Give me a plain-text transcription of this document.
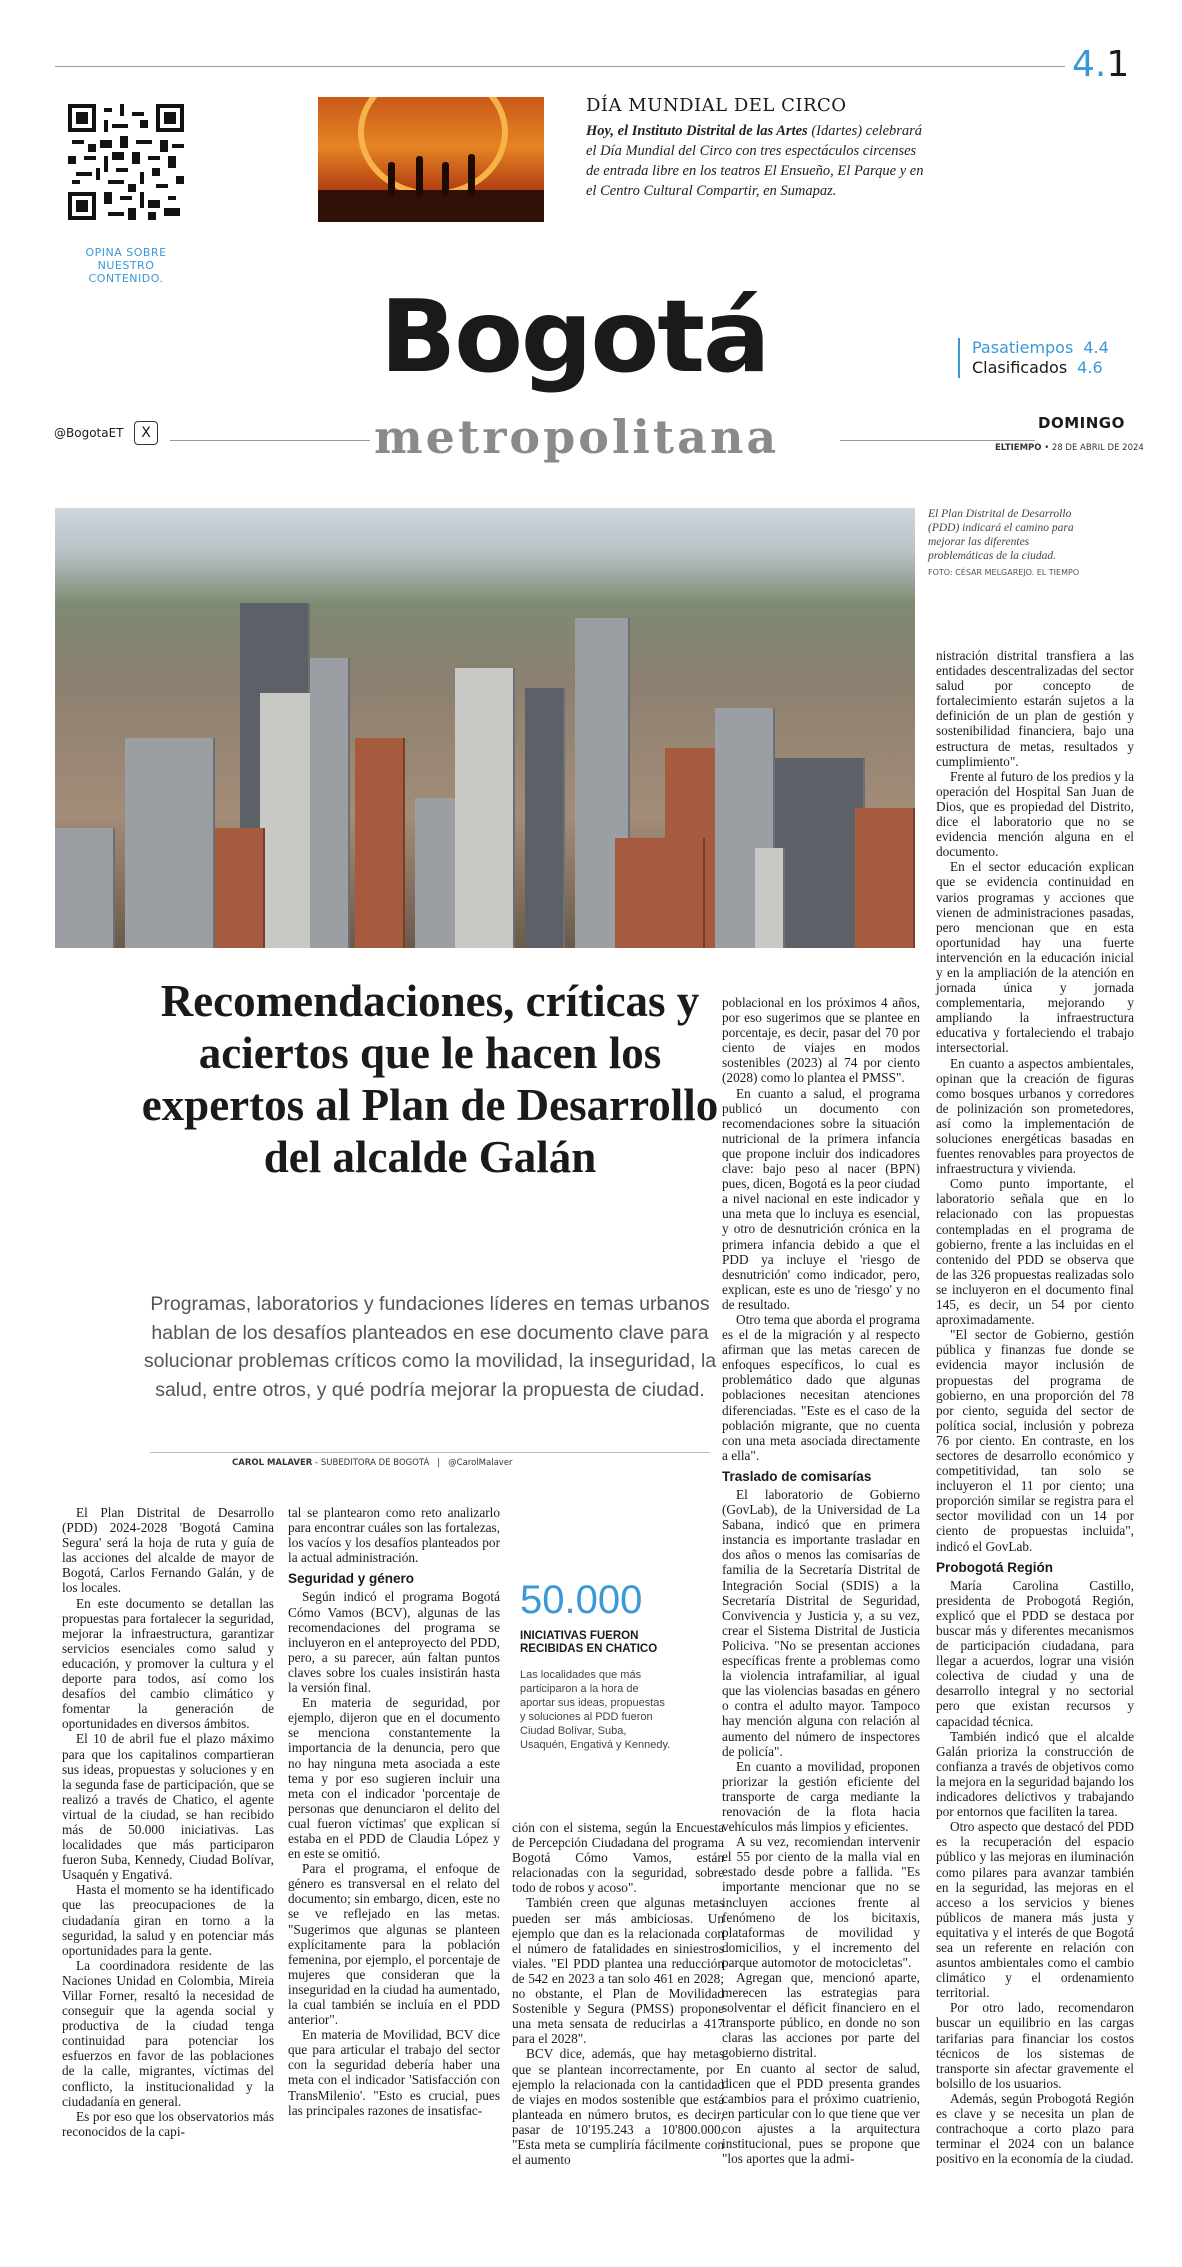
4.1
OPINA SOBRE NUESTRO CONTENIDO.
DÍA MUNDIAL DEL CIRCO
Hoy, el Instituto Distrital de las Artes (Idartes) celebrará el Día Mundial del Circo con tres espectáculos circenses de entrada libre en los teatros El Ensueño, El Parque y en el Centro Cultural Compartir, en Sumapaz.
Bogotá
metropolitana
@BogotaET	X
Pasatiempos 4.4
Clasificados 4.6
DOMINGO
ELTIEMPO • 28 DE ABRIL DE 2024
El Plan Distrital de Desarrollo (PDD) indicará el camino para mejorar las diferentes problemáticas de la ciudad.
FOTO: CÉSAR MELGAREJO. EL TIEMPO
Recomendaciones, críticas y aciertos que le hacen los expertos al Plan de Desarrollo del alcalde Galán
Programas, laboratorios y fundaciones líderes en temas urbanos hablan de los desafíos planteados en ese documento clave para solucionar problemas críticos como la movilidad, la inseguridad, la salud, entre otros, y qué podría mejorar la propuesta de ciudad.
CAROL MALAVER - SUBEDITORA DE BOGOTÁ | @CarolMalaver

El Plan Distrital de Desarrollo (PDD) 2024-2028 'Bogotá Camina Segura' será la hoja de ruta y guía de las acciones del alcalde de mayor de Bogotá, Carlos Fernando Galán, y de los locales.

En este documento se detallan las propuestas para fortalecer la seguridad, mejorar la infraestructura, garantizar servicios esenciales como salud y educación, y promover la cultura y el deporte para todos, así como los desafíos del cambio climático y fomentar la generación de oportunidades en diversos ámbitos.

El 10 de abril fue el plazo máximo para que los capitalinos compartieran sus ideas, propuestas y soluciones y en la segunda fase de participación, que se realizó a través de Chatico, el agente virtual de la ciudad, se han recibido más de 50.000 iniciativas. Las localidades que más participaron fueron Suba, Kennedy, Ciudad Bolívar, Usaquén y Engativá.

Hasta el momento se ha identificado que las preocupaciones de la ciudadanía giran en torno a la seguridad, la salud y en potenciar más oportunidades para la gente.

La coordinadora residente de las Naciones Unidad en Colombia, Mireia Villar Forner, resaltó la necesidad de conseguir que la agenda social y productiva de la ciudad tenga continuidad para potenciar los esfuerzos en favor de las poblaciones de la calle, migrantes, víctimas del conflicto, la institucionalidad y la ciudadanía en general.

Es por eso que los observatorios más reconocidos de la capi-

tal se plantearon como reto analizarlo para encontrar cuáles son las fortalezas, los vacíos y los desafíos planteados por la actual administración.

Seguridad y género

Según indicó el programa Bogotá Cómo Vamos (BCV), algunas de las recomendaciones del programa se incluyeron en el anteproyecto del PDD, pero, a su parecer, aún faltan puntos claves sobre los cuales insistirán hasta la versión final.

En materia de seguridad, por ejemplo, dijeron que en el documento se menciona constantemente la importancia de la denuncia, pero que no hay ninguna meta asociada a este tema y por eso sugieren incluir una meta con el indicador 'porcentaje de personas que denunciaron el delito del cual fueron víctimas' que explican sí estaba en el PDD de Claudia López y en este se omitió.

Para el programa, el enfoque de género es transversal en el relato del documento; sin embargo, dicen, este no se ve reflejado en las metas. "Sugerimos que algunas se planteen explícitamente para la población femenina, por ejemplo, el porcentaje de mujeres que consideran que la inseguridad en la ciudad ha aumentado, la cual también se incluía en el PDD anterior".

En materia de Movilidad, BCV dice que para articular el trabajo del sector con la seguridad debería haber una meta con el indicador 'Satisfacción con TransMilenio'. "Esto es crucial, pues las principales razones de insatisfac-

50.000
INICIATIVAS FUERON RECIBIDAS EN CHATICO
Las localidades que más participaron a la hora de aportar sus ideas, propuestas y soluciones al PDD fueron Ciudad Bolívar, Suba, Usaquén, Engativá y Kennedy.

ción con el sistema, según la Encuesta de Percepción Ciudadana del programa Bogotá Cómo Vamos, están relacionadas con la seguridad, sobre todo de robos y acoso".

También creen que algunas metas pueden ser más ambiciosas. Un ejemplo que dan es la relacionada con el número de fatalidades en siniestros viales. "El PDD plantea una reducción de 542 en 2023 a tan solo 461 en 2028; no obstante, el Plan de Movilidad Sostenible y Segura (PMSS) propone una meta sensata de reducirlas a 417 para el 2028".

BCV dice, además, que hay metas que se plantean incorrectamente, por ejemplo la relacionada con la cantidad de viajes en modos sostenible que está planteada en número brutos, es decir, pasar de 10'195.243 a 10'800.000. "Esta meta se cumpliría fácilmente con el aumento

poblacional en los próximos 4 años, por eso sugerimos que se plantee en porcentaje, es decir, pasar del 70 por ciento de viajes en modos sostenibles (2023) al 74 por ciento (2028) como lo plantea el PMSS".

En cuanto a salud, el programa publicó un documento con recomendaciones sobre la situación nutricional de la primera infancia que propone incluir dos indicadores clave: bajo peso al nacer (BPN) pues, dicen, Bogotá es la peor ciudad a nivel nacional en este indicador y una meta que lo incluya es esencial, y otro de desnutrición crónica en la primera infancia debido a que el PDD ya incluye el 'riesgo de desnutrición' como indicador, pero, explican, este es uno de 'riesgo' y no de resultado.

Otro tema que aborda el programa es el de la migración y al respecto afirman que las metas carecen de enfoques específicos, lo cual es problemático dado que algunas poblaciones necesitan atenciones diferenciadas. "Este es el caso de la población migrante, que no cuenta con una meta asociada directamente a ella".

Traslado de comisarías

El laboratorio de Gobierno (GovLab), de la Universidad de La Sabana, indicó que en primera instancia es importante trasladar en dos años o menos las comisarías de familia de la Secretaría Distrital de Integración Social (SDIS) a la Secretaría Distrital de Seguridad, Convivencia y Justicia y, a su vez, crear el Sistema Distrital de Justicia Policiva. "No se presentan acciones específicas frente a problemas como la violencia intrafamiliar, al igual que las violencias basadas en género o contra el adulto mayor. Tampoco hay mención alguna con relación al aumento del número de inspectores de policía".

En cuanto a movilidad, proponen priorizar la gestión eficiente del transporte de carga mediante la renovación de la flota hacia vehículos más limpios y eficientes.

A su vez, recomiendan intervenir el 55 por ciento de la malla vial en estado desde pobre a fallida. "Es importante mencionar que no se incluyen acciones frente al fenómeno de los bicitaxis, plataformas de movilidad y domicilios, y el incremento del parque automotor de motocicletas".

Agregan que, mencionó aparte, merecen las estrategias para solventar el déficit financiero en el transporte público, en donde no son claras las acciones por parte del gobierno distrital.

En cuanto al sector de salud, dicen que el PDD presenta grandes cambios para el próximo cuatrienio, en particular con lo que tiene que ver con ajustes a la arquitectura institucional, pues se propone que "los aportes que la admi-

nistración distrital transfiera a las entidades descentralizadas del sector salud por concepto de fortalecimiento estarán sujetos a la definición de un plan de gestión y sostenibilidad financiera, bajo una estructura de metas, resultados y cumplimiento".

Frente al futuro de los predios y la operación del Hospital San Juan de Dios, que es propiedad del Distrito, dice el laboratorio que no se evidencia mención alguna en el documento.

En el sector educación explican que se evidencia continuidad en varios programas y acciones que vienen de administraciones pasadas, pero mencionan que en esta oportunidad hay una fuerte intervención en la educación inicial y en la ampliación de la atención en jornada única y jornada complementaria, mejorando y ampliando la infraestructura educativa y fortaleciendo el trabajo intersectorial.

En cuanto a aspectos ambientales, opinan que la creación de figuras como bosques urbanos y corredores de polinización son prometedores, así como la implementación de soluciones energéticas basadas en fuentes renovables para proyectos de infraestructura y vivienda.

Como punto importante, el laboratorio señala que en lo relacionado con las propuestas contempladas en el programa de gobierno, frente a las incluidas en el contenido del PDD se observa que de las 326 propuestas realizadas solo se incluyeron en el documento final 145, es decir, un 54 por ciento aproximadamente.

"El sector de Gobierno, gestión pública y finanzas fue donde se evidencia mayor inclusión de propuestas del programa de gobierno, en una proporción del 78 por ciento, seguida del sector de política social, inclusión y pobreza 76 por ciento. En contraste, en los sectores de desarrollo económico y competitividad, tan solo se incluyeron el 11 por ciento; una proporción similar se registra para el sector movilidad con un 14 por ciento de propuestas incluida", indicó el GovLab.

Probogotá Región

María Carolina Castillo, presidenta de Probogotá Región, explicó que el PDD se destaca por buscar más y diferentes mecanismos de participación ciudadana, para llegar a acuerdos, lograr una visión colectiva de ciudad y una de desarrollo integral y no sectorial pero que existan recursos y capacidad técnica.

También indicó que el alcalde Galán prioriza la construcción de confianza a través de objetivos como la mejora en la seguridad bajando los indicadores delictivos y trabajando por entornos que faciliten la tarea.

Otro aspecto que destacó del PDD es la recuperación del espacio público y las mejoras en iluminación como pilares para avanzar también en la seguridad, las mejoras en el acceso a los servicios y bienes públicos de manera más justa y equitativa y el interés de que Bogotá sea un referente en relación con asuntos ambientales como el cambio climático y el ordenamiento territorial.

Por otro lado, recomendaron buscar un equilibrio en las cargas tarifarias para financiar los costos técnicos de los sistemas de transporte sin afectar gravemente el bolsillo de los usuarios.

Además, según Probogotá Región es clave y se necesita un plan de contrachoque a corto plazo para terminar el 2024 con un balance positivo en la economía de la ciudad.
